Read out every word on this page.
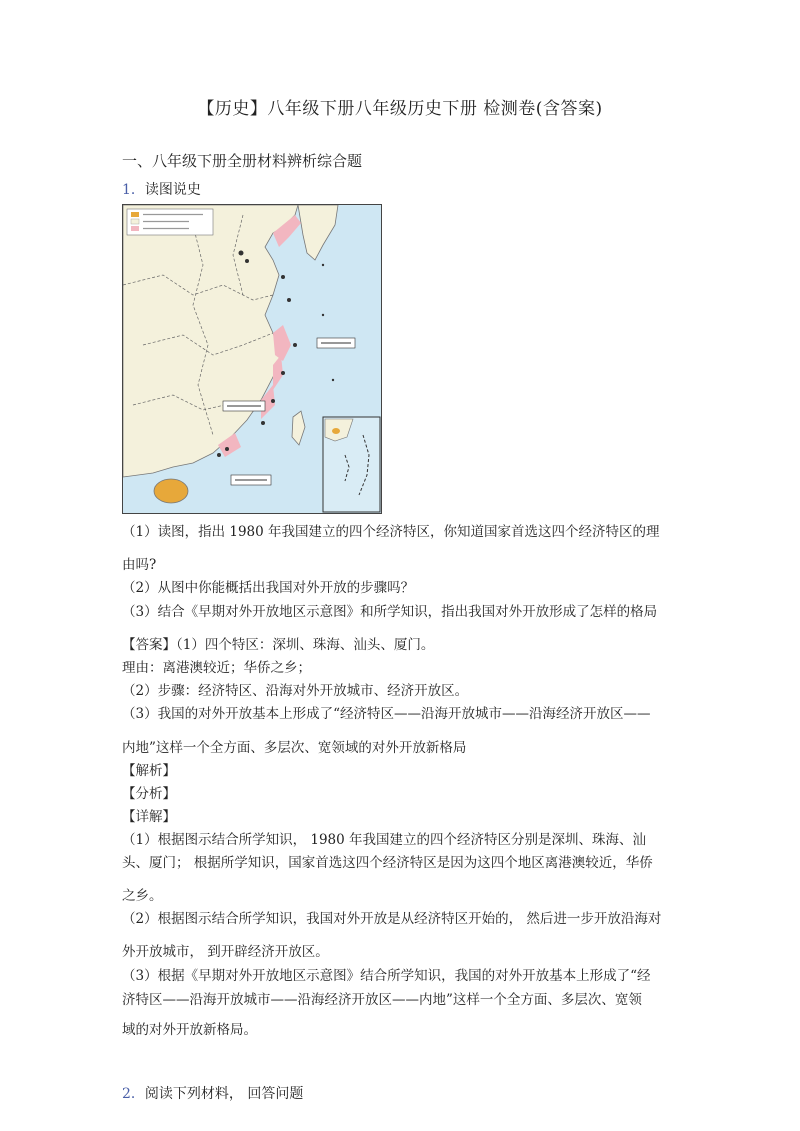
【历史】八年级下册八年级历史下册 检测卷(含答案)
一、八年级下册全册材料辨析综合题
1．读图说史
（1）读图，指出 1980 年我国建立的四个经济特区，你知道国家首选这四个经济特区的理
由吗?
（2）从图中你能概括出我国对外开放的步骤吗？
（3）结合《早期对外开放地区示意图》和所学知识，指出我国对外开放形成了怎样的格局
【答案】（1）四个特区：深圳、珠海、汕头、厦门。
理由：离港澳较近；华侨之乡；
（2）步骤：经济特区、沿海对外开放城市、经济开放区。
（3）我国的对外开放基本上形成了“经济特区——沿海开放城市——沿海经济开放区——
内地”这样一个全方面、多层次、宽领域的对外开放新格局
【解析】
【分析】
【详解】
（1）根据图示结合所学知识， 1980 年我国建立的四个经济特区分别是深圳、珠海、汕
头、厦门； 根据所学知识，国家首选这四个经济特区是因为这四个地区离港澳较近，华侨
之乡。
（2）根据图示结合所学知识，我国对外开放是从经济特区开始的， 然后进一步开放沿海对
外开放城市， 到开辟经济开放区。
（3）根据《早期对外开放地区示意图》结合所学知识，我国的对外开放基本上形成了“经
济特区——沿海开放城市——沿海经济开放区——内地”这样一个全方面、多层次、宽领
域的对外开放新格局。
2．阅读下列材料， 回答问题
